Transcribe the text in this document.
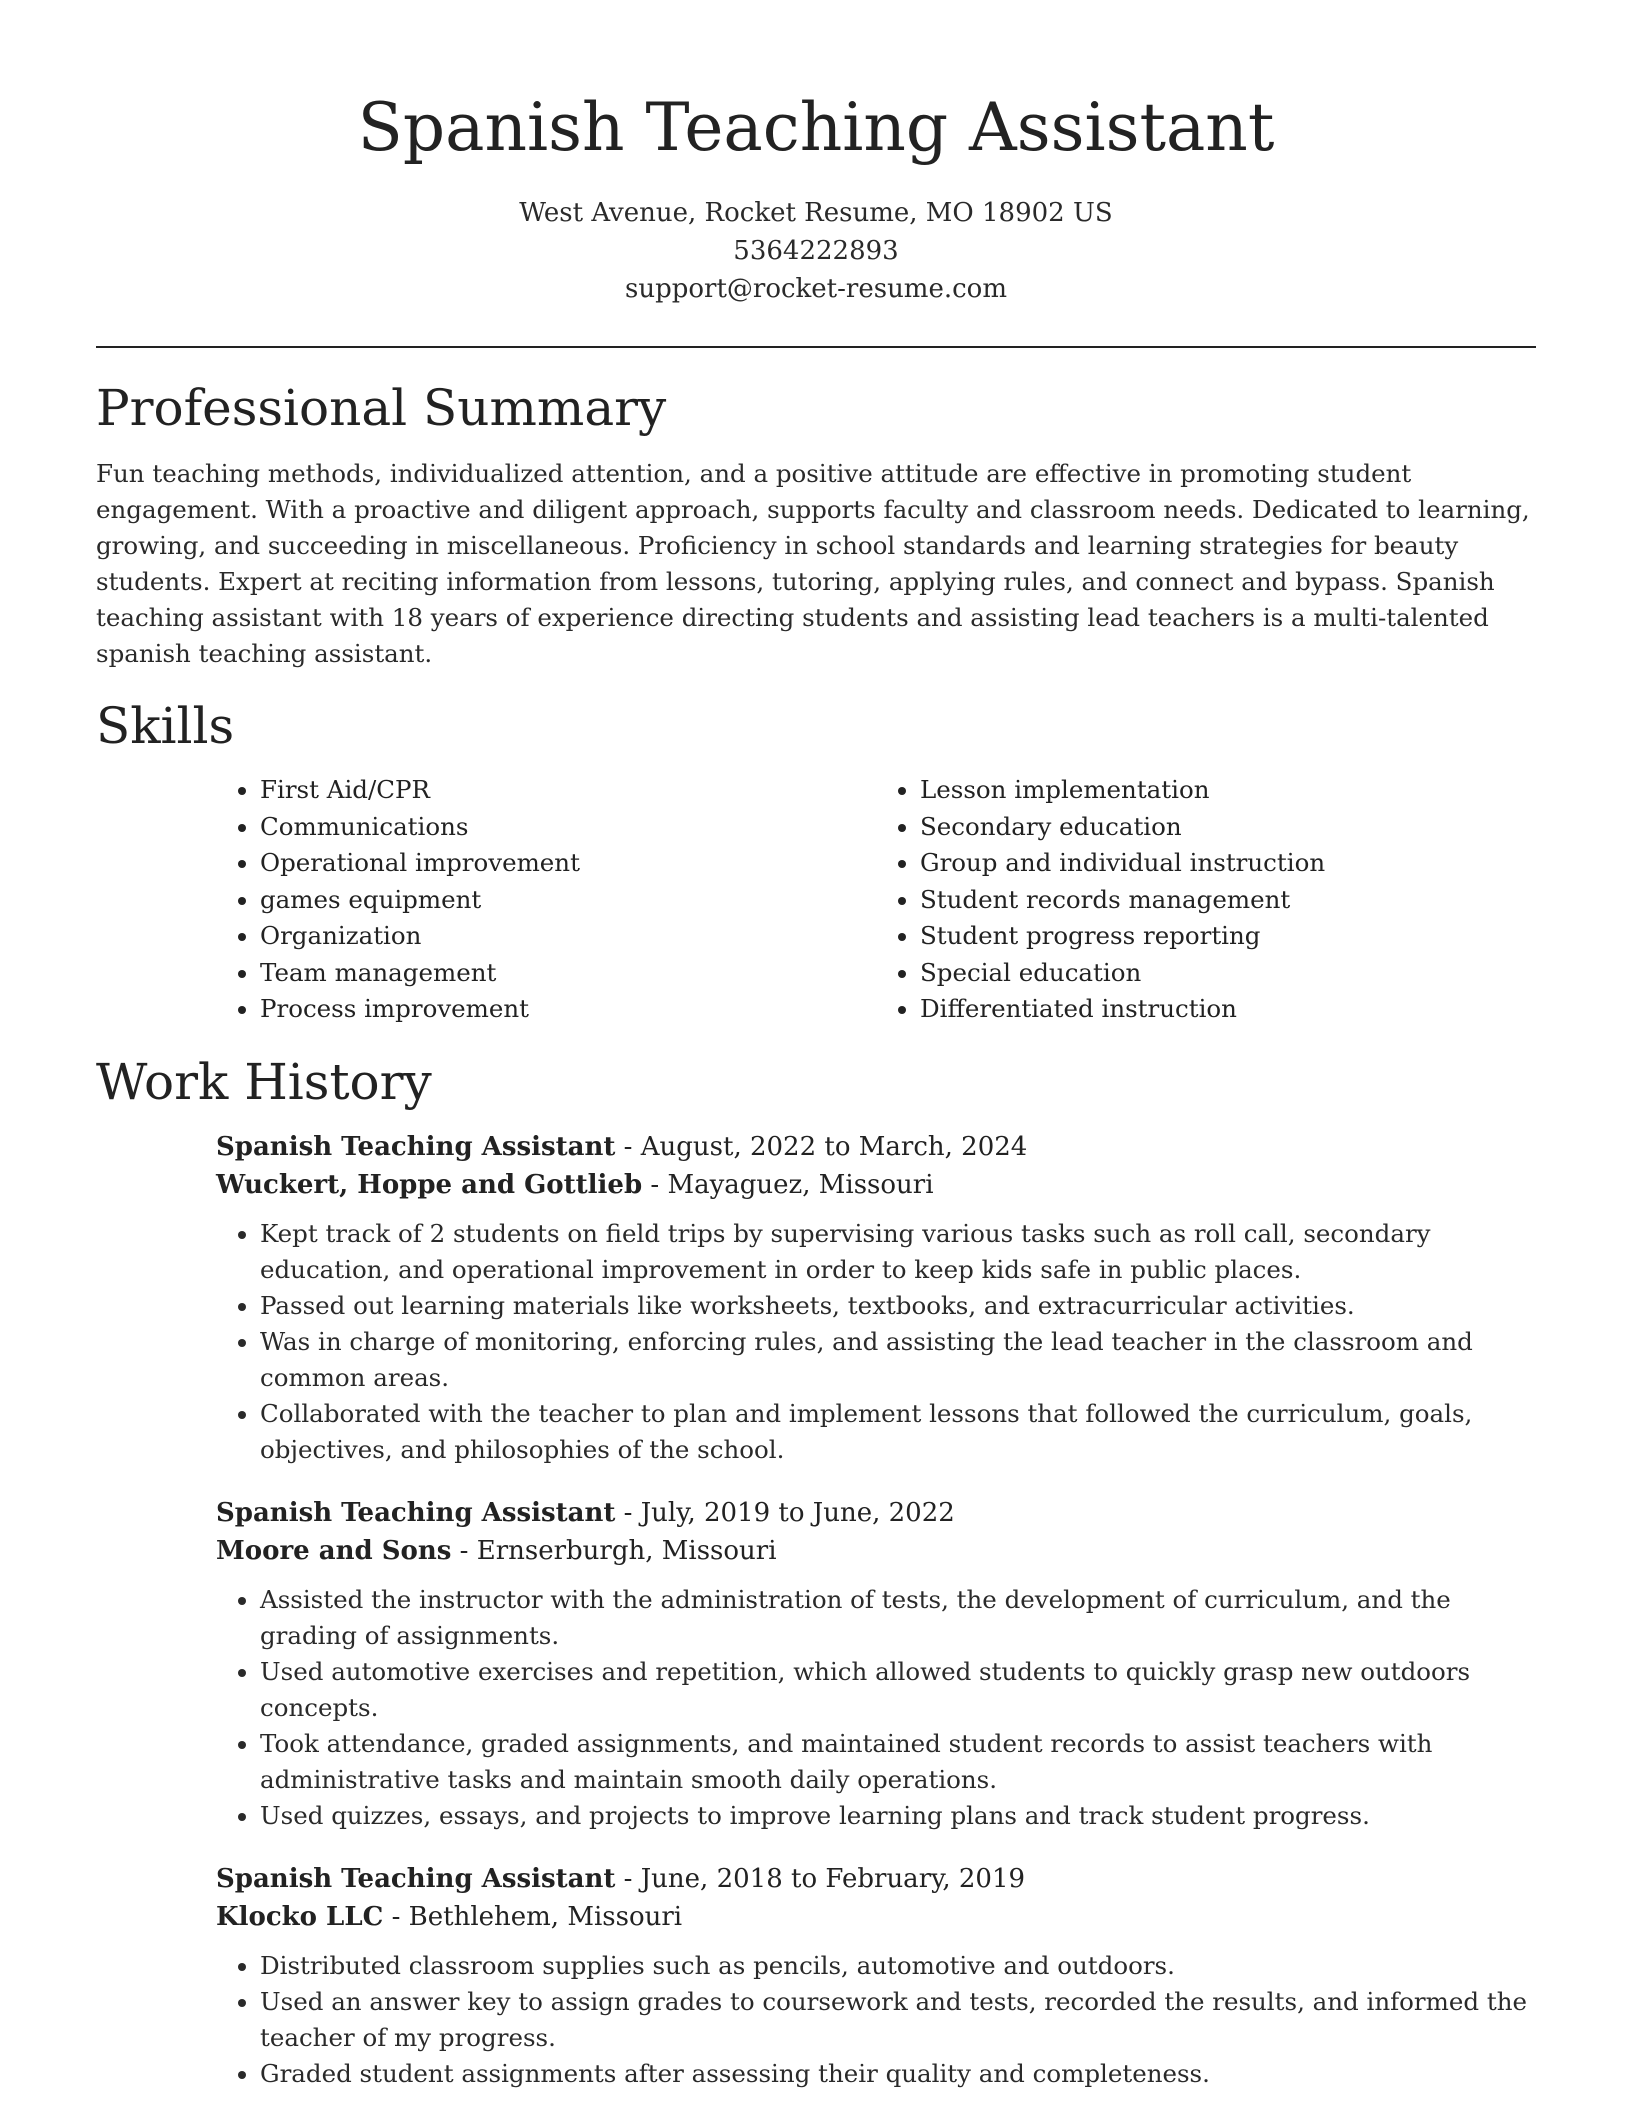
Spanish Teaching Assistant
West Avenue, Rocket Resume, MO 18902 US
5364222893
support@rocket-resume.com
Professional Summary

Fun teaching methods, individualized attention, and a positive attitude are effective in promoting student engagement. With a proactive and diligent approach, supports faculty and classroom needs. Dedicated to learning, growing, and succeeding in miscellaneous. Proficiency in school standards and learning strategies for beauty students. Expert at reciting information from lessons, tutoring, applying rules, and connect and bypass. Spanish teaching assistant with 18 years of experience directing students and assisting lead teachers is a multi-talented spanish teaching assistant.

Skills
• First Aid/CPR
• Communications
• Operational improvement
• games equipment
• Organization
• Team management
• Process improvement
• Lesson implementation
• Secondary education
• Group and individual instruction
• Student records management
• Student progress reporting
• Special education
• Differentiated instruction
Work History
Spanish Teaching Assistant - August, 2022 to March, 2024
Wuckert, Hoppe and Gottlieb - Mayaguez, Missouri
• Kept track of 2 students on field trips by supervising various tasks such as roll call, secondary education, and operational improvement in order to keep kids safe in public places.
• Passed out learning materials like worksheets, textbooks, and extracurricular activities.
• Was in charge of monitoring, enforcing rules, and assisting the lead teacher in the classroom and common areas.
• Collaborated with the teacher to plan and implement lessons that followed the curriculum, goals, objectives, and philosophies of the school.
Spanish Teaching Assistant - July, 2019 to June, 2022
Moore and Sons - Ernserburgh, Missouri
• Assisted the instructor with the administration of tests, the development of curriculum, and the grading of assignments.
• Used automotive exercises and repetition, which allowed students to quickly grasp new outdoors concepts.
• Took attendance, graded assignments, and maintained student records to assist teachers with administrative tasks and maintain smooth daily operations.
• Used quizzes, essays, and projects to improve learning plans and track student progress.
Spanish Teaching Assistant - June, 2018 to February, 2019
Klocko LLC - Bethlehem, Missouri
• Distributed classroom supplies such as pencils, automotive and outdoors.
• Used an answer key to assign grades to coursework and tests, recorded the results, and informed the teacher of my progress.
• Graded student assignments after assessing their quality and completeness.
